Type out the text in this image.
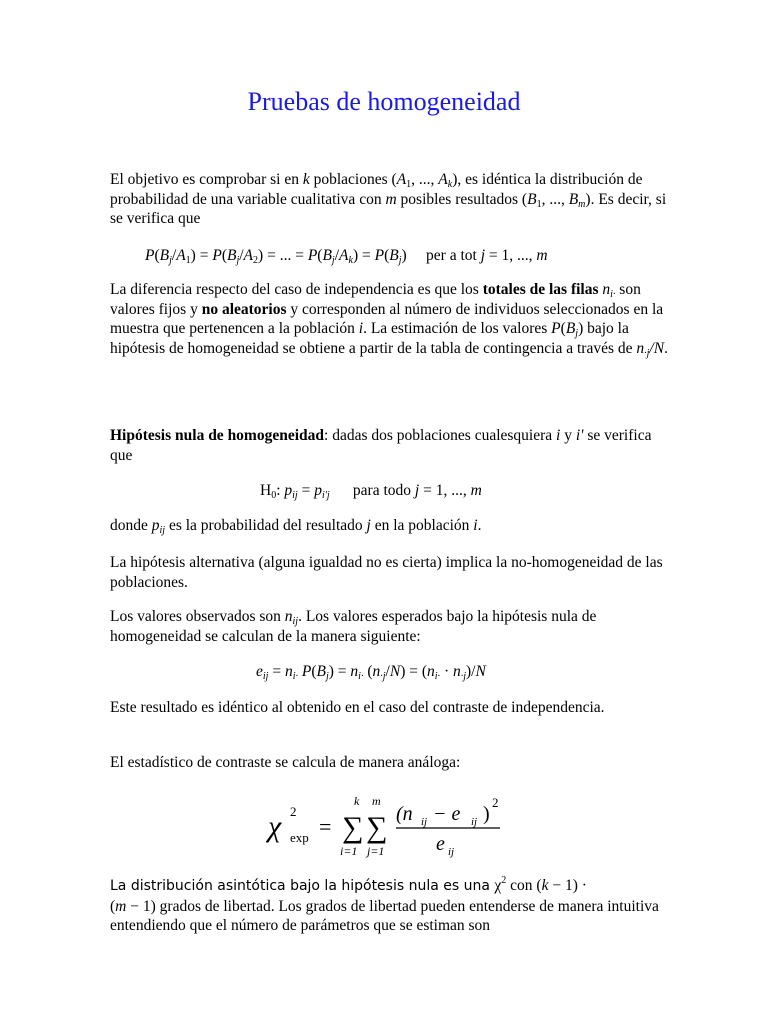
Pruebas de homogeneidad

El objetivo es comprobar si en k poblaciones ($A_1$, ..., $A_k$), es idéntica la distribución de probabilidad de una variable cualitativa con m posibles resultados ($B_1$, ..., $B_m$). Es decir, si se verifica que

$P(B_j/A_1) = P(B_j/A_2)$ = ... = $P(B_j/A_k) = P(B_j)$     per a tot j = 1, ..., m

La diferencia respecto del caso de independencia es que los totales de las filas $n_{i\cdot}$ son valores fijos y no aleatorios y corresponden al número de individuos seleccionados en la muestra que pertenencen a la población i. La estimación de los valores $P(B_j)$ bajo la hipótesis de homogeneidad se obtiene a partir de la tabla de contingencia a través de $n_{\cdot j}/N$.

Hipótesis nula de homogeneidad: dadas dos poblaciones cualesquiera i y i' se verifica que

$H_0$: $p_{ij} = p_{i'j}$      para todo j = 1, ..., m

donde $p_{ij}$ es la probabilidad del resultado j en la población i.

La hipótesis alternativa (alguna igualdad no es cierta) implica la no-homogeneidad de las poblaciones.

Los valores observados son $n_{ij}$. Los valores esperados bajo la hipótesis nula de homogeneidad se calculan de la manera siguiente:

$e_{ij} = n_{i\cdot}$ $P(B_j) = n_{i\cdot}$ $(n_{\cdot j}/N) = (n_{i\cdot} \cdot n_{\cdot j})/N$

Este resultado es idéntico al obtenido en el caso del contraste de independencia.

El estadístico de contraste se calcula de manera análoga:

χ 2
exp =
k
∑
i=1
m
∑
j=1
(n ij − e ij )
2
e ij

La distribución asintótica bajo la hipótesis nula es una $\chi^2$ con (k − 1) ·
(m − 1) grados de libertad. Los grados de libertad pueden entenderse de manera intuitiva entendiendo que el número de parámetros que se estiman son
